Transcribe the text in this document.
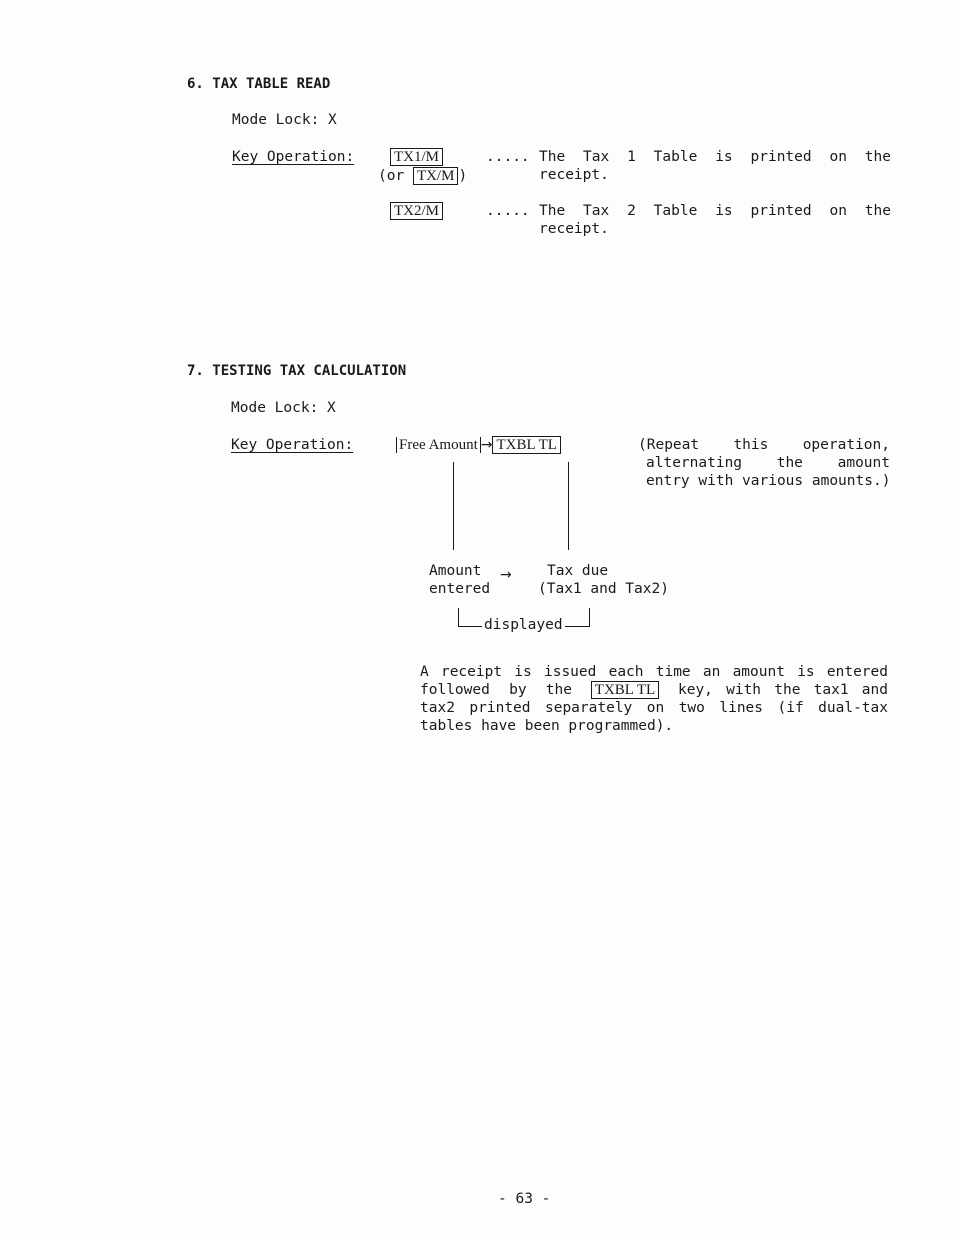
6. TAX TABLE READ
Mode Lock: X
Key Operation:	TX1/M
(or TX/M )
..... The Tax 1 Table is printed on the
receipt.
TX2/M	..... The Tax 2 Table is printed on the
receipt.
7. TESTING TAX CALCULATION
Mode Lock: X
Key Operation:	Free Amount → TXBL TL	(Repeat this operation,
alternating the amount
entry with various amounts.)
Amount
entered
→ Tax due
(Tax1 and Tax2)
displayed
A receipt is issued each time an amount is entered
followed by the TXBL TL key, with the tax1 and
tax2 printed separately on two lines (if dual-tax
tables have been programmed).
- 63 -
